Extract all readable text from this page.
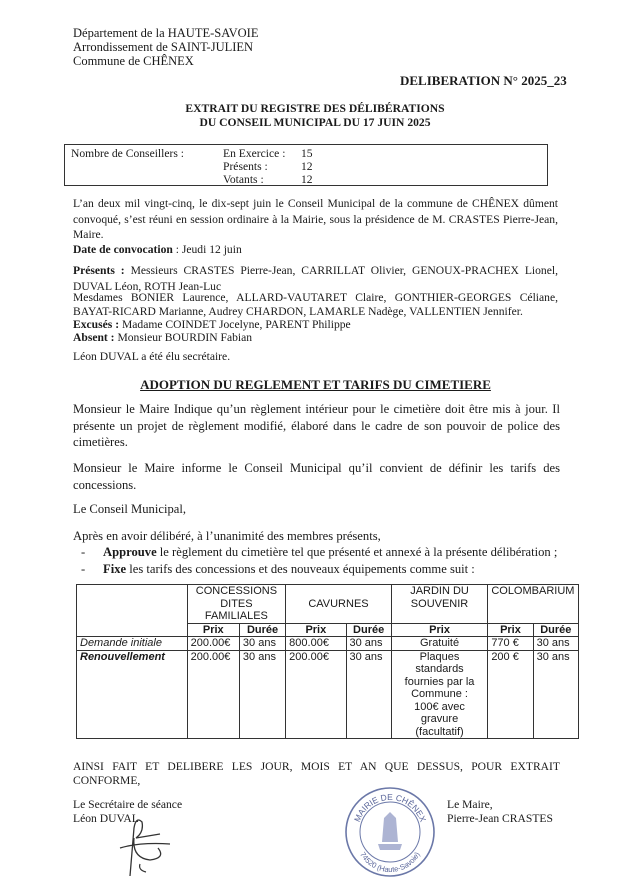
Département de la HAUTE-SAVOIE
Arrondissement de SAINT-JULIEN
Commune de CHÊNEX
DELIBERATION N° 2025_23
EXTRAIT DU REGISTRE DES DÉLIBÉRATIONS
DU CONSEIL MUNICIPAL DU 17 JUIN 2025
Nombre de Conseillers :	En Exercice : 15
Présents :	12
Votants :	12
L’an deux mil vingt-cinq, le dix-sept juin le Conseil Municipal de la commune de CHÊNEX dûment convoqué, s’est réuni en session ordinaire à la Mairie, sous la présidence de M. CRASTES Pierre-Jean, Maire.
Date de convocation : Jeudi 12 juin
Présents : Messieurs CRASTES Pierre-Jean, CARRILLAT Olivier, GENOUX-PRACHEX Lionel, DUVAL Léon, ROTH Jean-Luc
Mesdames BONIER Laurence, ALLARD-VAUTARET Claire, GONTHIER-GEORGES Céliane, BAYAT-RICARD Marianne, Audrey CHARDON, LAMARLE Nadège, VALLENTIEN Jennifer.
Excusés : Madame COINDET Jocelyne, PARENT Philippe
Absent : Monsieur BOURDIN Fabian
Léon DUVAL a été élu secrétaire.
ADOPTION DU REGLEMENT ET TARIFS DU CIMETIERE
Monsieur le Maire Indique qu’un règlement intérieur pour le cimetière doit être mis à jour. Il présente un projet de règlement modifié, élaboré dans le cadre de son pouvoir de police des cimetières.
Monsieur le Maire informe le Conseil Municipal qu’il convient de définir les tarifs des concessions.
Le Conseil Municipal,
Après en avoir délibéré, à l’unanimité des membres présents,
- Approuve le règlement du cimetière tel que présenté et annexé à la présente délibération ;
- Fixe les tarifs des concessions et des nouveaux équipements comme suit :
	CONCESSIONS DITES FAMILIALES		CAVURNES		JARDIN DU SOUVENIR	COLOMBARIUM	
	Prix	Durée	Prix	Durée	Prix	Prix	Durée
Demande initiale	200.00€	30 ans	800.00€	30 ans	Gratuité	770 €	30 ans
Renouvellement	200.00€	30 ans	200.00€	30 ans	Plaques standards fournies par la Commune : 100€ avec gravure (facultatif)	200 €	30 ans
AINSI FAIT ET DELIBERE LES JOUR, MOIS ET AN QUE DESSUS, POUR EXTRAIT CONFORME,
Le Secrétaire de séance
Léon DUVAL
Le Maire,
Pierre-Jean CRASTES
MAIRIE DE CHÊNEX
74520 (Haute-Savoie)
